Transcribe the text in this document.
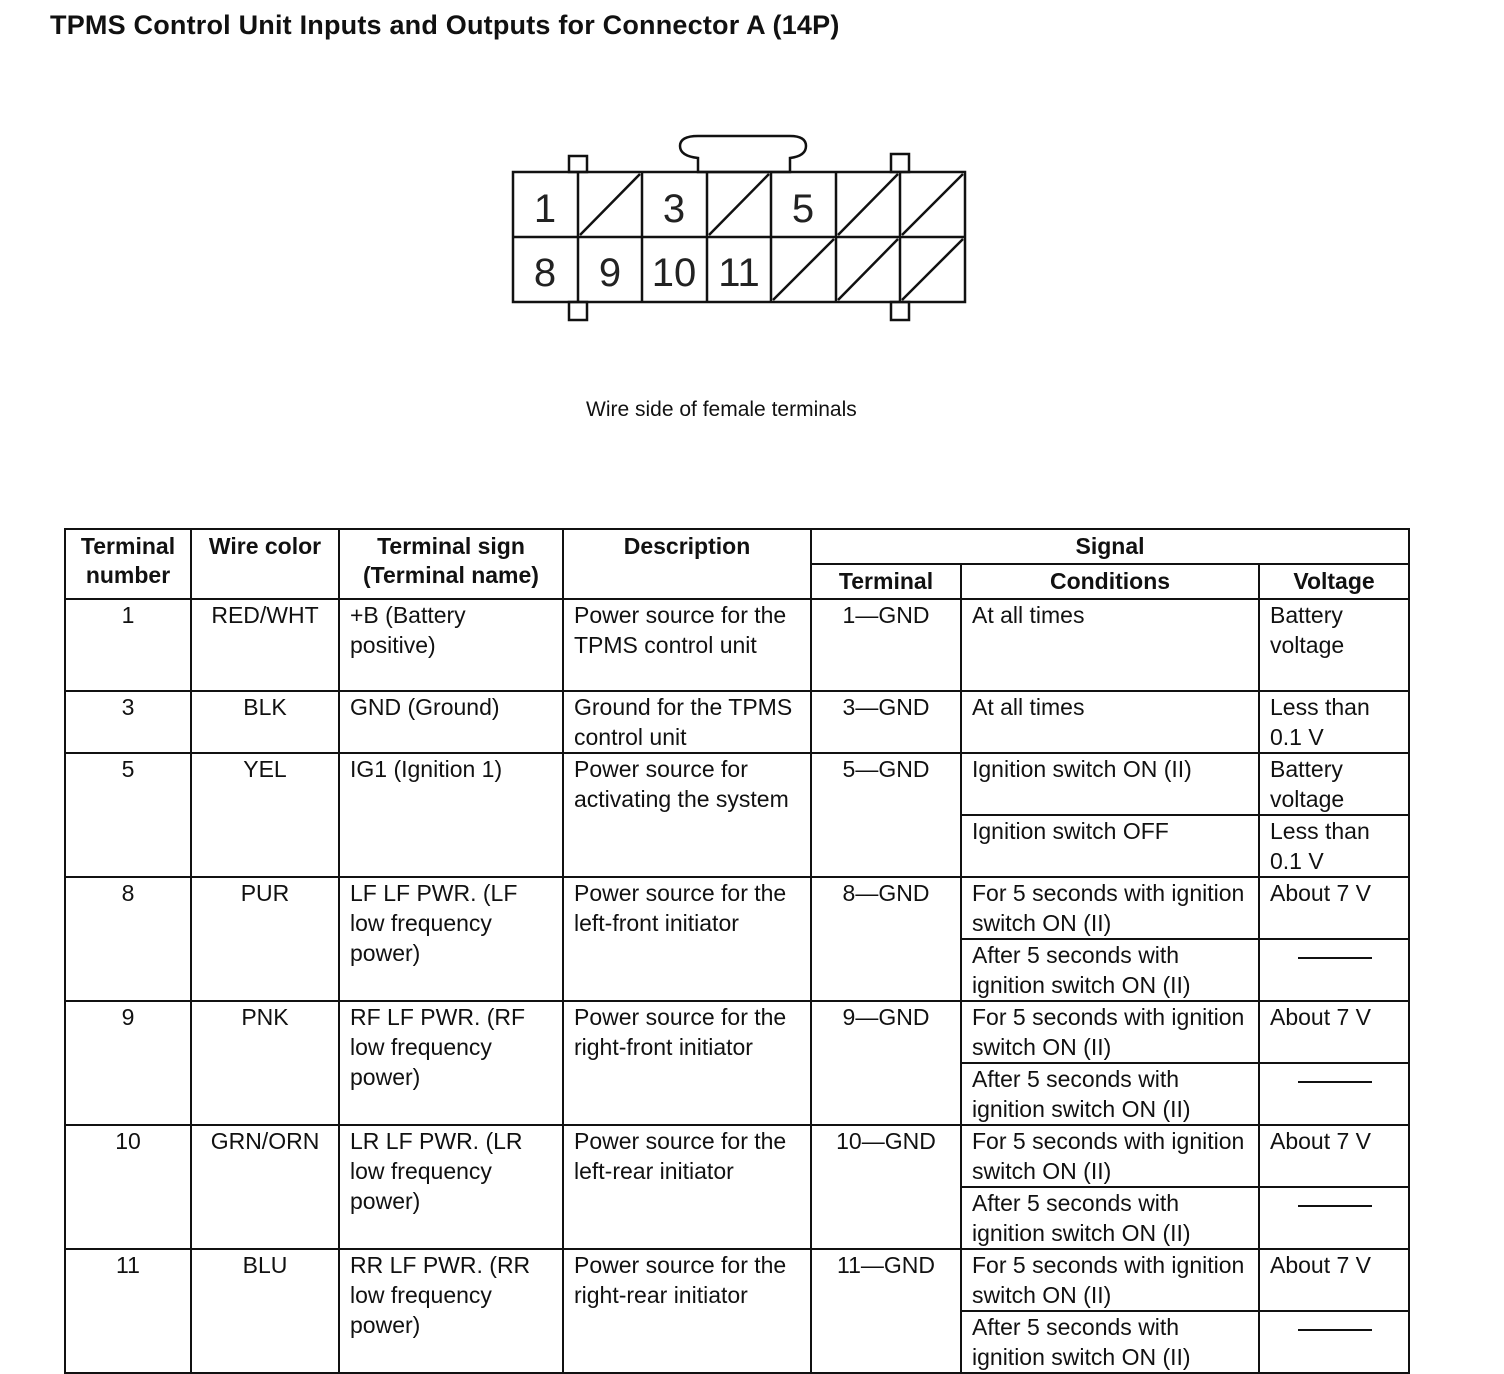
TPMS Control Unit Inputs and Outputs for Connector A (14P)
1	3	5
8 9 10 11
Wire side of female terminals
Terminal number	Wire color	Terminal sign (Terminal name)	Description	Signal		
				Terminal	Conditions	Voltage
1	RED/WHT	+B (Battery positive)	Power source for the TPMS control unit	1—GND	At all times	Battery voltage
3	BLK	GND (Ground)	Ground for the TPMS control unit	3—GND	At all times	Less than 0.1 V
5	YEL	IG1 (Ignition 1)	Power source for activating the system	5—GND	Ignition switch ON (II)	Battery voltage
					Ignition switch OFF	Less than 0.1 V
8	PUR	LF LF PWR. (LF low frequency power)	Power source for the left-front initiator	8—GND	For 5 seconds with ignition switch ON (II)	About 7 V
					After 5 seconds with ignition switch ON (II)	
9	PNK	RF LF PWR. (RF low frequency power)	Power source for the right-front initiator	9—GND	For 5 seconds with ignition switch ON (II)	About 7 V
					After 5 seconds with ignition switch ON (II)	
10	GRN/ORN	LR LF PWR. (LR low frequency power)	Power source for the left-rear initiator	10—GND	For 5 seconds with ignition switch ON (II)	About 7 V
					After 5 seconds with ignition switch ON (II)	
11	BLU	RR LF PWR. (RR low frequency power)	Power source for the right-rear initiator	11—GND	For 5 seconds with ignition switch ON (II)	About 7 V
					After 5 seconds with ignition switch ON (II)	
